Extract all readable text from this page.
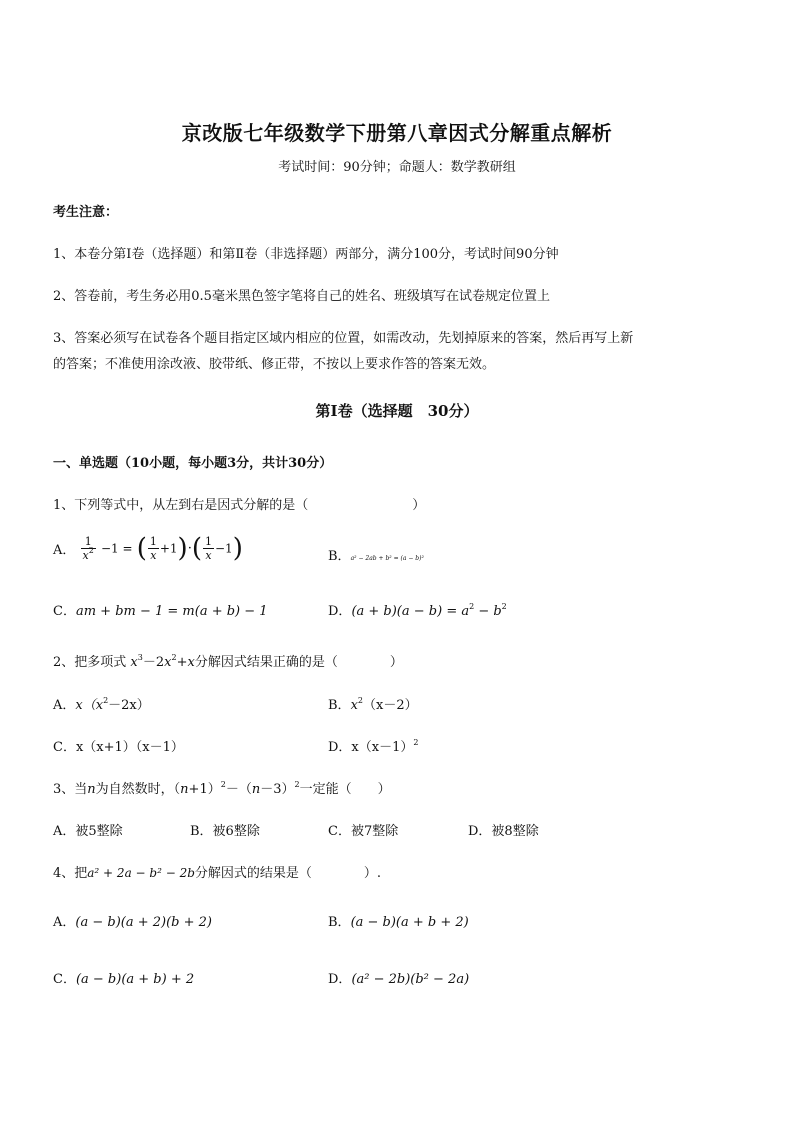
京改版七年级数学下册第八章因式分解重点解析
考试时间：90分钟；命题人：数学教研组
考生注意：
1、本卷分第Ⅰ卷（选择题）和第Ⅱ卷（非选择题）两部分，满分100分，考试时间90分钟
2、答卷前，考生务必用0.5毫米黑色签字笔将自己的姓名、班级填写在试卷规定位置上
3、答案必须写在试卷各个题目指定区域内相应的位置，如需改动，先划掉原来的答案，然后再写上新
的答案；不准使用涂改液、胶带纸、修正带，不按以上要求作答的答案无效。
第Ⅰ卷（选择题　30分）
一、单选题（10小题，每小题3分，共计30分）
1、下列等式中，从左到右是因式分解的是（　　　　　　　　）
A． $\frac{1}{x^2} -1$ = ( $\frac{1}{x} +1)\cdot( \frac{1}{x} -1)$	B．a² − 2ab + b² = (a − b)²
C．am + bm − 1 = m(a + b) − 1	D．$(a + b)(a - b) = a^2 - b^2$
2、把多项式 $x^3-2x^2+x$分解因式结果正确的是（　　　　）
A．$x(x^2-2x)$	B．$x^2(x-2)$
C．x（x+1）（x－1）	D．$x(x-1)^2$
3、当n为自然数时，$(n+1)^2-(n-3)^2$一定能（　　）
A．被5整除	B．被6整除	C．被7整除	D．被8整除
4、把a² + 2a − b² − 2b分解因式的结果是（　　　　）.
A．(a − b)(a + 2)(b + 2)	B．(a − b)(a + b + 2)
C．(a − b)(a + b) + 2	D．(a² − 2b)(b² − 2a)
